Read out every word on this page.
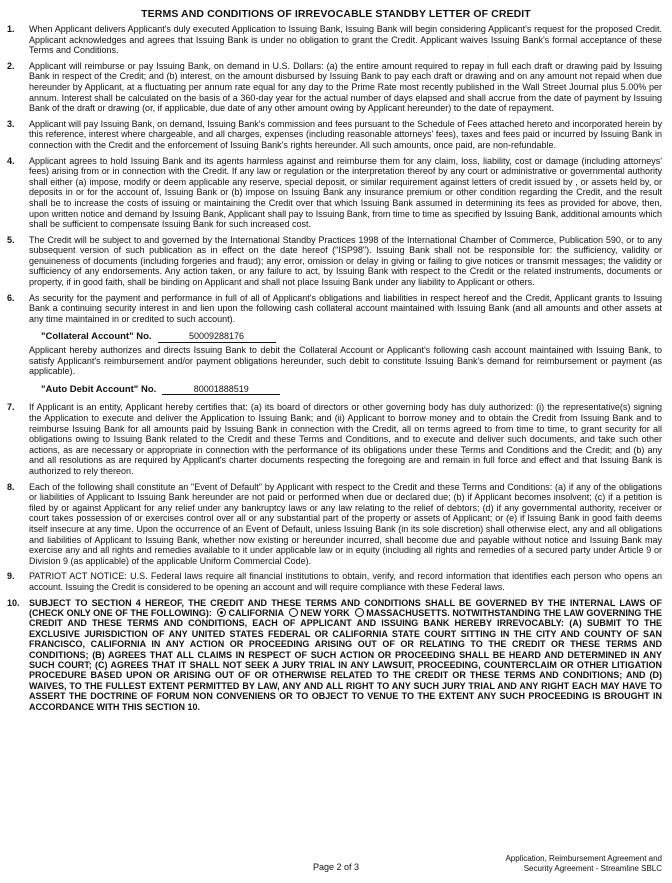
TERMS AND CONDITIONS OF IRREVOCABLE STANDBY LETTER OF CREDIT
1.	When Applicant delivers Applicant's duly executed Application to Issuing Bank, Issuing Bank will begin considering Applicant's request for the proposed Credit. Applicant acknowledges and agrees that Issuing Bank is under no obligation to grant the Credit. Applicant waives Issuing Bank's formal acceptance of these Terms and Conditions.

2.	Applicant will reimburse or pay Issuing Bank, on demand in U.S. Dollars: (a) the entire amount required to repay in full each draft or drawing paid by Issuing Bank in respect of the Credit; and (b) interest, on the amount disbursed by Issuing Bank to pay each draft or drawing and on any amount not repaid when due hereunder by Applicant, at a fluctuating per annum rate equal for any day to the Prime Rate most recently published in the Wall Street Journal plus 5.00% per annum. Interest shall be calculated on the basis of a 360-day year for the actual number of days elapsed and shall accrue from the date of payment by Issuing Bank of the draft or drawing (or, if applicable, due date of any other amount owing by Applicant hereunder) to the date of repayment.

3.	Applicant will pay Issuing Bank, on demand, Issuing Bank's commission and fees pursuant to the Schedule of Fees attached hereto and incorporated herein by this reference, interest where chargeable, and all charges, expenses (including reasonable attorneys' fees), taxes and fees paid or incurred by Issuing Bank in connection with the Credit and the enforcement of Issuing Bank's rights hereunder. All such amounts, once paid, are non-refundable.

4.	Applicant agrees to hold Issuing Bank and its agents harmless against and reimburse them for any claim, loss, liability, cost or damage (including attorneys' fees) arising from or in connection with the Credit. If any law or regulation or the interpretation thereof by any court or administrative or governmental authority shall either (a) impose, modify or deem applicable any reserve, special deposit, or similar requirement against letters of credit issued by , or assets held by, or deposits in or for the account of, Issuing Bank or (b) impose on Issuing Bank any insurance premium or other condition regarding the Credit, and the result shall be to increase the costs of issuing or maintaining the Credit over that which Issuing Bank assumed in determining its fees as provided for above, then, upon written notice and demand by Issuing Bank, Applicant shall pay to Issuing Bank, from time to time as specified by Issuing Bank, additional amounts which shall be sufficient to compensate Issuing Bank for such increased cost.

5.	The Credit will be subject to and governed by the International Standby Practices 1998 of the International Chamber of Commerce, Publication 590, or to any subsequent version of such publication as in effect on the date hereof ("ISP98"). Issuing Bank shall not be responsible for: the sufficiency, validity or genuineness of documents (including forgeries and fraud); any error, omission or delay in giving or failing to give notices or transmit messages; the validity or sufficiency of any endorsements. Any action taken, or any failure to act, by Issuing Bank with respect to the Credit or the related instruments, documents or property, if in good faith, shall be binding on Applicant and shall not place Issuing Bank under any liability to Applicant or others.

6.	As security for the payment and performance in full of all of Applicant's obligations and liabilities in respect hereof and the Credit, Applicant grants to Issuing Bank a continuing security interest in and lien upon the following cash collateral account maintained with Issuing Bank (and all amounts and other assets at any time maintained in or credited to such account).

"Collateral Account" No.	50009288176

Applicant hereby authorizes and directs Issuing Bank to debit the Collateral Account or Applicant's following cash account maintained with Issuing Bank, to satisfy Applicant's reimbursement and/or payment obligations hereunder, such debit to constitute Issuing Bank's demand for reimbursement or payment (as applicable).

"Auto Debit Account" No.	80001888519
7.	If Applicant is an entity, Applicant hereby certifies that: (a) its board of directors or other governing body has duly authorized: (i) the representative(s) signing the Application to execute and deliver the Application to Issuing Bank; and (ii) Applicant to borrow money and to obtain the Credit from Issuing Bank and to reimburse Issuing Bank for all amounts paid by Issuing Bank in connection with the Credit, all on terms agreed to from time to time, to grant security for all obligations owing to Issuing Bank related to the Credit and these Terms and Conditions, and to execute and deliver such documents, and take such other actions, as are necessary or appropriate in connection with the performance of its obligations under these Terms and Conditions and the Credit; and (b) any and all resolutions as are required by Applicant's charter documents respecting the foregoing are and remain in full force and effect and that Issuing Bank is authorized to rely thereon.

8.	Each of the following shall constitute an "Event of Default" by Applicant with respect to the Credit and these Terms and Conditions: (a) if any of the obligations or liabilities of Applicant to Issuing Bank hereunder are not paid or performed when due or declared due; (b) if Applicant becomes insolvent; (c) if a petition is filed by or against Applicant for any relief under any bankruptcy laws or any law relating to the relief of debtors; (d) if any governmental authority, receiver or court takes possession of or exercises control over all or any substantial part of the property or assets of Applicant; or (e) if Issuing Bank in good faith deems itself insecure at any time. Upon the occurrence of an Event of Default, unless Issuing Bank (in its sole discretion) shall otherwise elect, any and all obligations and liabilities of Applicant to Issuing Bank, whether now existing or hereunder incurred, shall become due and payable without notice and Issuing Bank may exercise any and all rights and remedies available to it under applicable law or in equity (including all rights and remedies of a secured party under Article 9 or Division 9 (as applicable) of the applicable Uniform Commercial Code).

9.	PATRIOT ACT NOTICE: U.S. Federal laws require all financial institutions to obtain, verify, and record information that identifies each person who opens an account. Issuing the Credit is considered to be opening an account and will require compliance with these Federal laws.

10.	SUBJECT TO SECTION 4 HEREOF, THE CREDIT AND THESE TERMS AND CONDITIONS SHALL BE GOVERNED BY THE INTERNAL LAWS OF (CHECK ONLY ONE OF THE FOLLOWING): CALIFORNIA NEW YORK MASSACHUSETTS. NOTWITHSTANDING THE LAW GOVERNING THE CREDIT AND THESE TERMS AND CONDITIONS, EACH OF APPLICANT AND ISSUING BANK HEREBY IRREVOCABLY: (A) SUBMIT TO THE EXCLUSIVE JURISDICTION OF ANY UNITED STATES FEDERAL OR CALIFORNIA STATE COURT SITTING IN THE CITY AND COUNTY OF SAN FRANCISCO, CALIFORNIA IN ANY ACTION OR PROCEEDING ARISING OUT OF OR RELATING TO THE CREDIT OR THESE TERMS AND CONDITIONS; (B) AGREES THAT ALL CLAIMS IN RESPECT OF SUCH ACTION OR PROCEEDING SHALL BE HEARD AND DETERMINED IN ANY SUCH COURT; (C) AGREES THAT IT SHALL NOT SEEK A JURY TRIAL IN ANY LAWSUIT, PROCEEDING, COUNTERCLAIM OR OTHER LITIGATION PROCEDURE BASED UPON OR ARISING OUT OF OR OTHERWISE RELATED TO THE CREDIT OR THESE TERMS AND CONDITIONS; AND (D) WAIVES, TO THE FULLEST EXTENT PERMITTED BY LAW, ANY AND ALL RIGHT TO ANY SUCH JURY TRIAL AND ANY RIGHT EACH MAY HAVE TO ASSERT THE DOCTRINE OF FORUM NON CONVENIENS OR TO OBJECT TO VENUE TO THE EXTENT ANY SUCH PROCEEDING IS BROUGHT IN ACCORDANCE WITH THIS SECTION 10.

Page 2 of 3
Application, Reimbursement Agreement and
Security Agreement - Streamline SBLC
